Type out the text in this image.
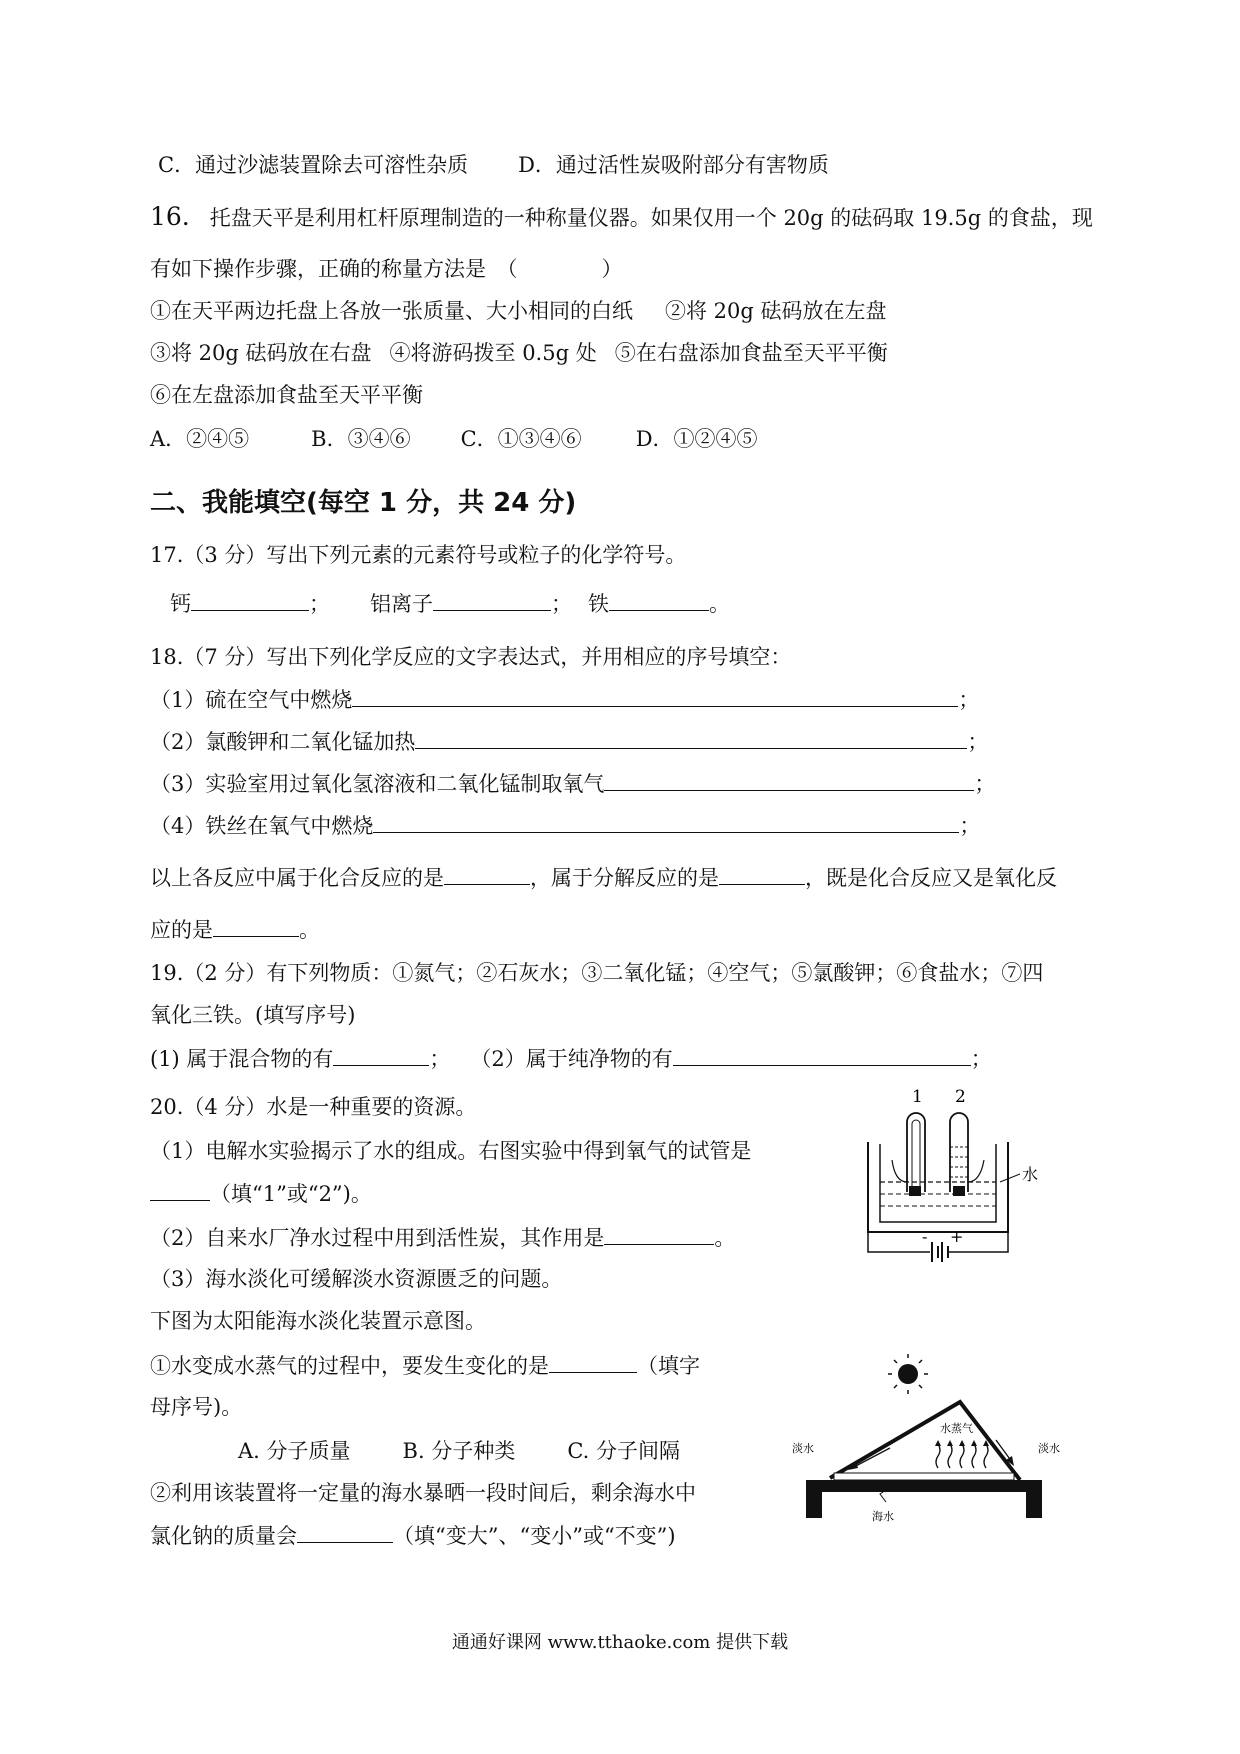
C．通过沙滤装置除去可溶性杂质 D．通过活性炭吸附部分有害物质
16. 托盘天平是利用杠杆原理制造的一种称量仪器。如果仅用一个 20g 的砝码取 19.5g 的食盐，现
有如下操作步骤，正确的称量方法是　（　　　　）
①在天平两边托盘上各放一张质量、大小相同的白纸 ②将 20g 砝码放在左盘
③将 20g 砝码放在右盘 ④将游码拨至 0.5g 处 ⑤在右盘添加食盐至天平平衡
⑥在左盘添加食盐至天平平衡
A．②④⑤	B．③④⑥ C．①③④⑥	D．①②④⑤
二、我能填空(每空 1 分，共 24 分)
17.（3 分）写出下列元素的元素符号或粒子的化学符号。
钙	； 铝离子	； 铁	。
18.（7 分）写出下列化学反应的文字表达式，并用相应的序号填空：
（1）硫在空气中燃烧	；
（2）氯酸钾和二氧化锰加热	；
（3）实验室用过氧化氢溶液和二氧化锰制取氧气	；
（4）铁丝在氧气中燃烧	；
以上各反应中属于化合反应的是	，属于分解反应的是	，既是化合反应又是氧化反
应的是	。
19.（2 分）有下列物质：①氮气；②石灰水；③二氧化锰；④空气；⑤氯酸钾；⑥食盐水；⑦四
氧化三铁。(填写序号)
(1) 属于混合物的有	； （2）属于纯净物的有	；
20.（4 分）水是一种重要的资源。
（1）电解水实验揭示了水的组成。右图实验中得到氧气的试管是
（填“1”或“2”)。
（2）自来水厂净水过程中用到活性炭，其作用是	。
（3）海水淡化可缓解淡水资源匮乏的问题。
下图为太阳能海水淡化装置示意图。
①水变成水蒸气的过程中，要发生变化的是	（填字
母序号)。
A. 分子质量 B. 分子种类 C. 分子间隔
②利用该装置将一定量的海水暴晒一段时间后，剩余海水中
氯化钠的质量会	（填“变大”、“变小”或“不变”)
1 2
水
- +
淡水
水蒸气
淡水
海水
通通好课网 www.tthaoke.com 提供下载
